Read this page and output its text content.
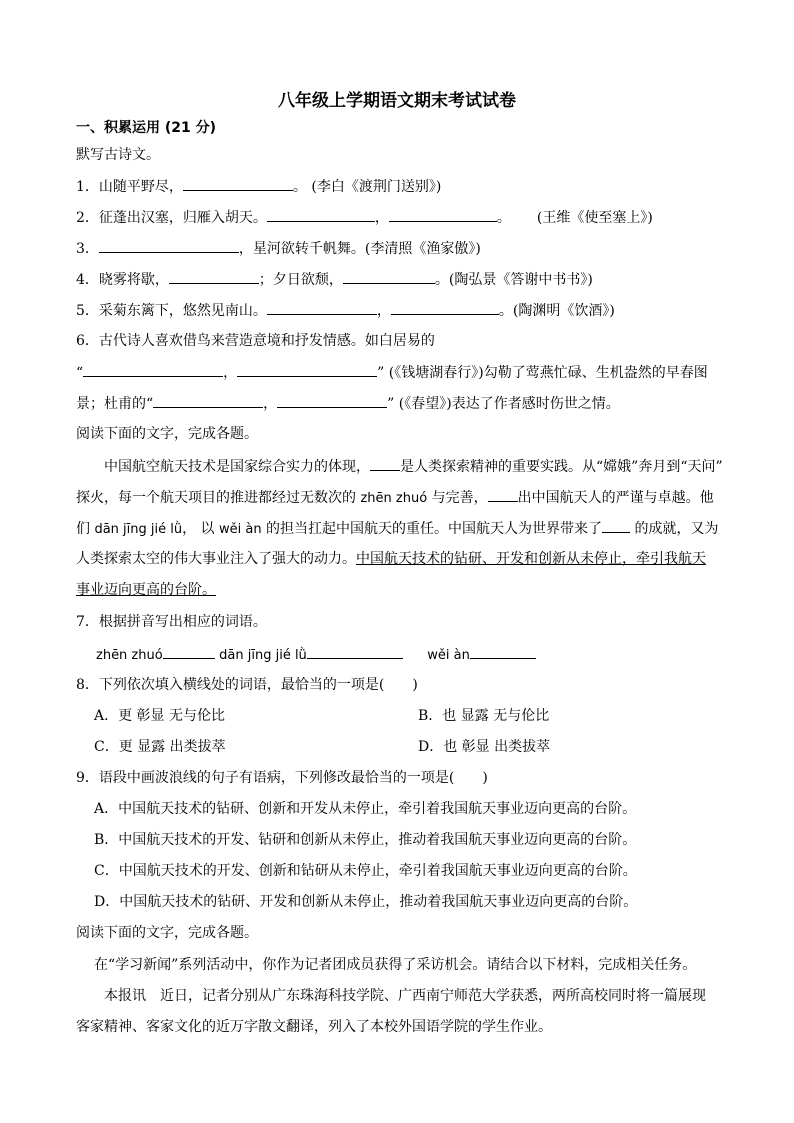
八年级上学期语文期末考试试卷
一、积累运用 (21 分)
默写古诗文。
1．山随平野尽，	。 (李白《渡荆门送别》)
2．征蓬出汉塞，归雁入胡天。	，	。 (王维《使至塞上》)
3．	，星河欲转千帆舞。(李清照《渔家傲》)
4．晓雾将歇，	；夕日欲颓，	。(陶弘景《答谢中书书》)
5．采菊东篱下，悠然见南山。	，	。(陶渊明《饮酒》)
6．古代诗人喜欢借鸟来营造意境和抒发情感。如白居易的
“	，	” (《钱塘湖春行》)勾勒了莺燕忙碌、生机盎然的早春图
景；杜甫的“	，	” (《春望》)表达了作者感时伤世之情。
阅读下面的文字，完成各题。
中国航空航天技术是国家综合实力的体现， 是人类探索精神的重要实践。从“嫦娥”奔月到“天问”
探火，每一个航天项目的推进都经过无数次的 zhēn zhuó 与完善， 出中国航天人的严谨与卓越。他
们 dān jīng jié lǜ， 以 wěi àn 的担当扛起中国航天的重任。中国航天人为世界带来了 的成就，又为
人类探索太空的伟大事业注入了强大的动力。中国航天技术的钻研、开发和创新从未停止，牵引我航天
事业迈向更高的台阶。
7．根据拼音写出相应的词语。
zhēn zhuó	dān jīng jié lǜ	wěi àn
8．下列依次填入横线处的词语，最恰当的一项是(　　)
A．更 彰显 无与伦比	B．也 显露 无与伦比
C．更 显露 出类拔萃	D．也 彰显 出类拔萃
9．语段中画波浪线的句子有语病，下列修改最恰当的一项是(　　)
A．中国航天技术的钻研、创新和开发从未停止，牵引着我国航天事业迈向更高的台阶。
B．中国航天技术的开发、钻研和创新从未停止，推动着我国航天事业迈向更高的台阶。
C．中国航天技术的开发、创新和钻研从未停止，牵引着我国航天事业迈向更高的台阶。
D．中国航天技术的钻研、开发和创新从未停止，推动着我国航天事业迈向更高的台阶。
阅读下面的文字，完成各题。
在“学习新闻”系列活动中，你作为记者团成员获得了采访机会。请结合以下材料，完成相关任务。
本报讯　近日，记者分别从广东珠海科技学院、广西南宁师范大学获悉，两所高校同时将一篇展现
客家精神、客家文化的近万字散文翻译，列入了本校外国语学院的学生作业。
